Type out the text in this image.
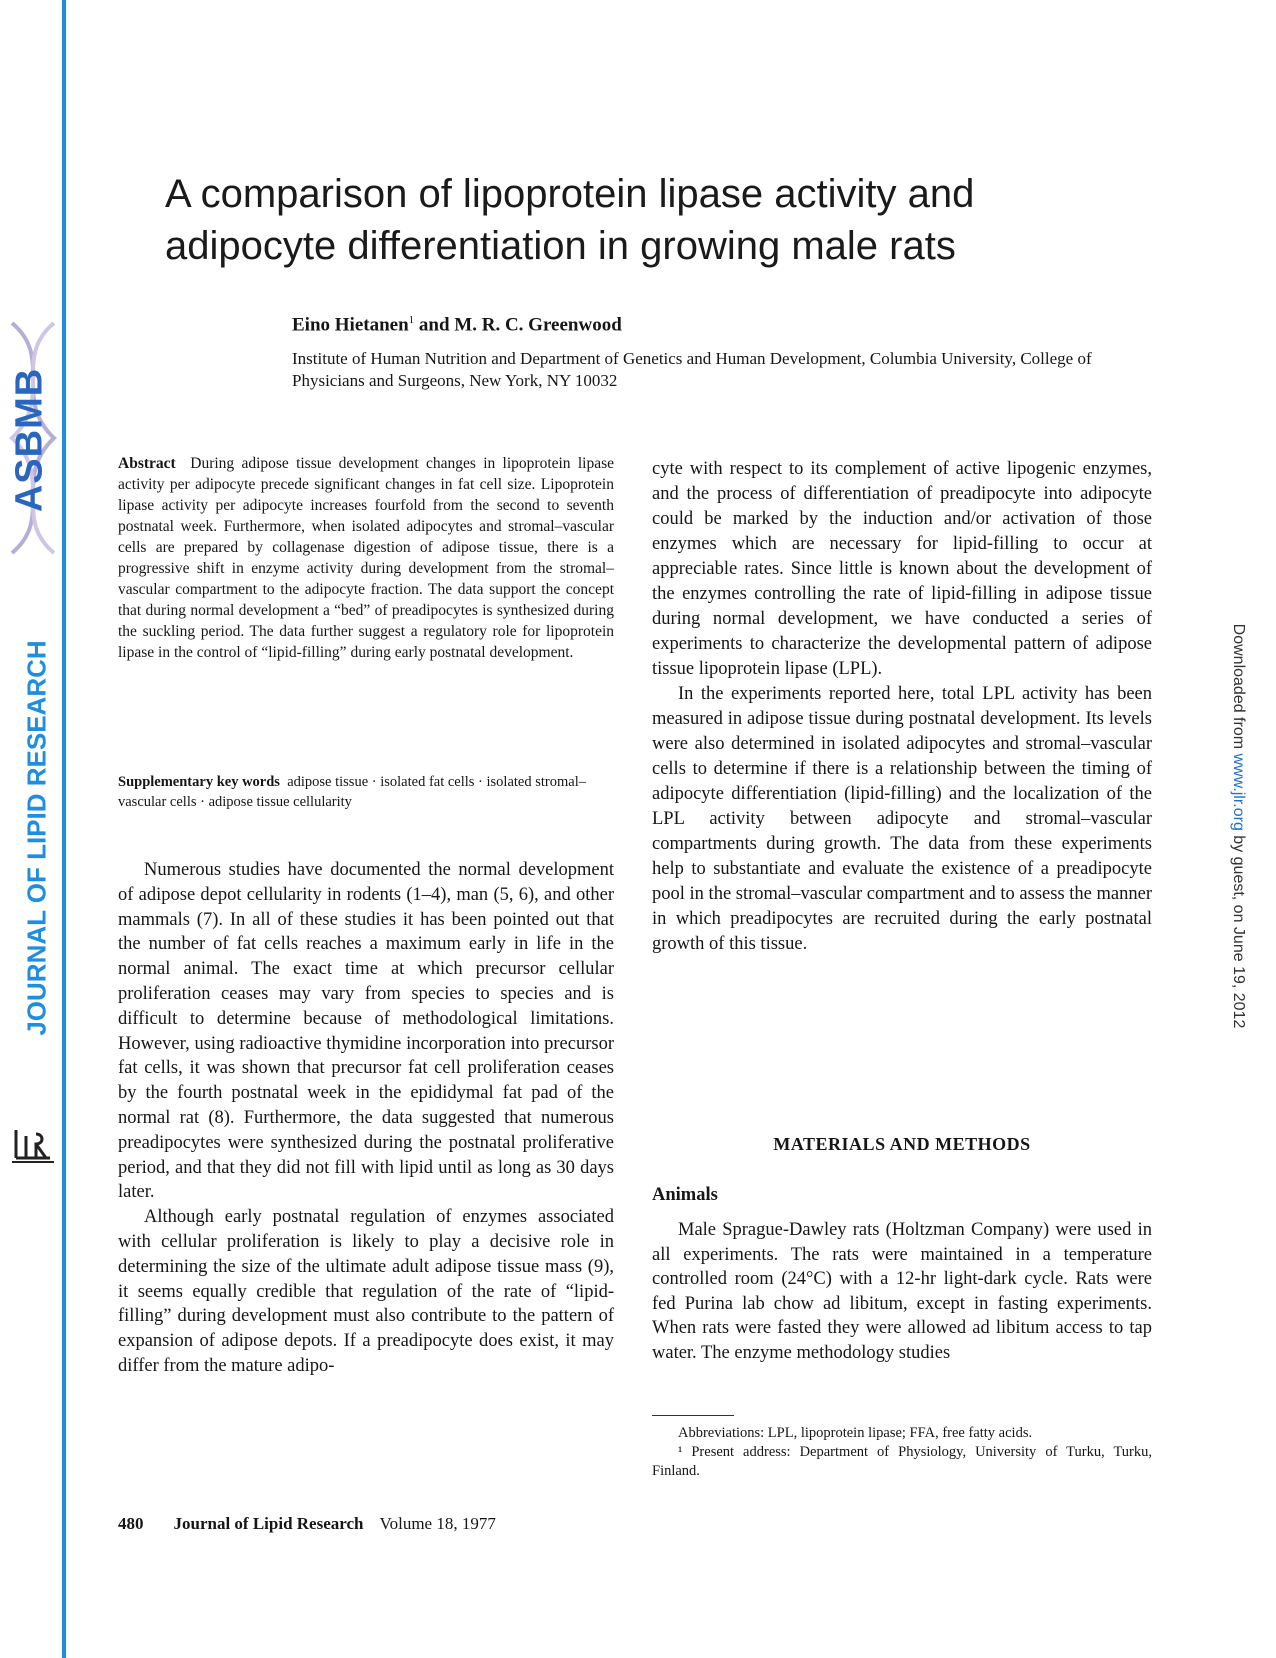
ASBMB
JOURNAL OF LIPID RESEARCH	Downloaded from www.jlr.org by guest, on June 19, 2012
A comparison of lipoprotein lipase activity and adipocyte differentiation in growing male rats

Eino Hietanen$^1$ and M. R. C. Greenwood

Institute of Human Nutrition and Department of Genetics and Human Development, Columbia University, College of Physicians and Surgeons, New York, NY 10032

Abstract During adipose tissue development changes in lipoprotein lipase activity per adipocyte precede significant changes in fat cell size. Lipoprotein lipase activity per adipocyte increases fourfold from the second to seventh postnatal week. Furthermore, when isolated adipocytes and stromal–vascular cells are prepared by collagenase digestion of adipose tissue, there is a progressive shift in enzyme activity during development from the stromal–vascular compartment to the adipocyte fraction. The data support the concept that during normal development a “bed” of preadipocytes is synthesized during the suckling period. The data further suggest a regulatory role for lipoprotein lipase in the control of “lipid-filling” during early postnatal development.

Supplementary key words adipose tissue · isolated fat cells · isolated stromal–vascular cells · adipose tissue cellularity

Numerous studies have documented the normal development of adipose depot cellularity in rodents (1–4), man (5, 6), and other mammals (7). In all of these studies it has been pointed out that the number of fat cells reaches a maximum early in life in the normal animal. The exact time at which precursor cellular proliferation ceases may vary from species to species and is difficult to determine because of methodological limitations. However, using radioactive thymidine incorporation into precursor fat cells, it was shown that precursor fat cell proliferation ceases by the fourth postnatal week in the epididymal fat pad of the normal rat (8). Furthermore, the data suggested that numerous preadipocytes were synthesized during the postnatal proliferative period, and that they did not fill with lipid until as long as 30 days later.

Although early postnatal regulation of enzymes associated with cellular proliferation is likely to play a decisive role in determining the size of the ultimate adult adipose tissue mass (9), it seems equally credible that regulation of the rate of “lipid-filling” during development must also contribute to the pattern of expansion of adipose depots. If a preadipocyte does exist, it may differ from the mature adipo-

cyte with respect to its complement of active lipogenic enzymes, and the process of differentiation of preadipocyte into adipocyte could be marked by the induction and/or activation of those enzymes which are necessary for lipid-filling to occur at appreciable rates. Since little is known about the development of the enzymes controlling the rate of lipid-filling in adipose tissue during normal development, we have conducted a series of experiments to characterize the developmental pattern of adipose tissue lipoprotein lipase (LPL).

In the experiments reported here, total LPL activity has been measured in adipose tissue during postnatal development. Its levels were also determined in isolated adipocytes and stromal–vascular cells to determine if there is a relationship between the timing of adipocyte differentiation (lipid-filling) and the localization of the LPL activity between adipocyte and stromal–vascular compartments during growth. The data from these experiments help to substantiate and evaluate the existence of a preadipocyte pool in the stromal–vascular compartment and to assess the manner in which preadipocytes are recruited during the early postnatal growth of this tissue.

MATERIALS AND METHODS
Animals

Male Sprague-Dawley rats (Holtzman Company) were used in all experiments. The rats were maintained in a temperature controlled room (24°C) with a 12-hr light-dark cycle. Rats were fed Purina lab chow ad libitum, except in fasting experiments. When rats were fasted they were allowed ad libitum access to tap water. The enzyme methodology studies

Abbreviations: LPL, lipoprotein lipase; FFA, free fatty acids.

¹ Present address: Department of Physiology, University of Turku, Turku, Finland.

480 Journal of Lipid Research Volume 18, 1977
